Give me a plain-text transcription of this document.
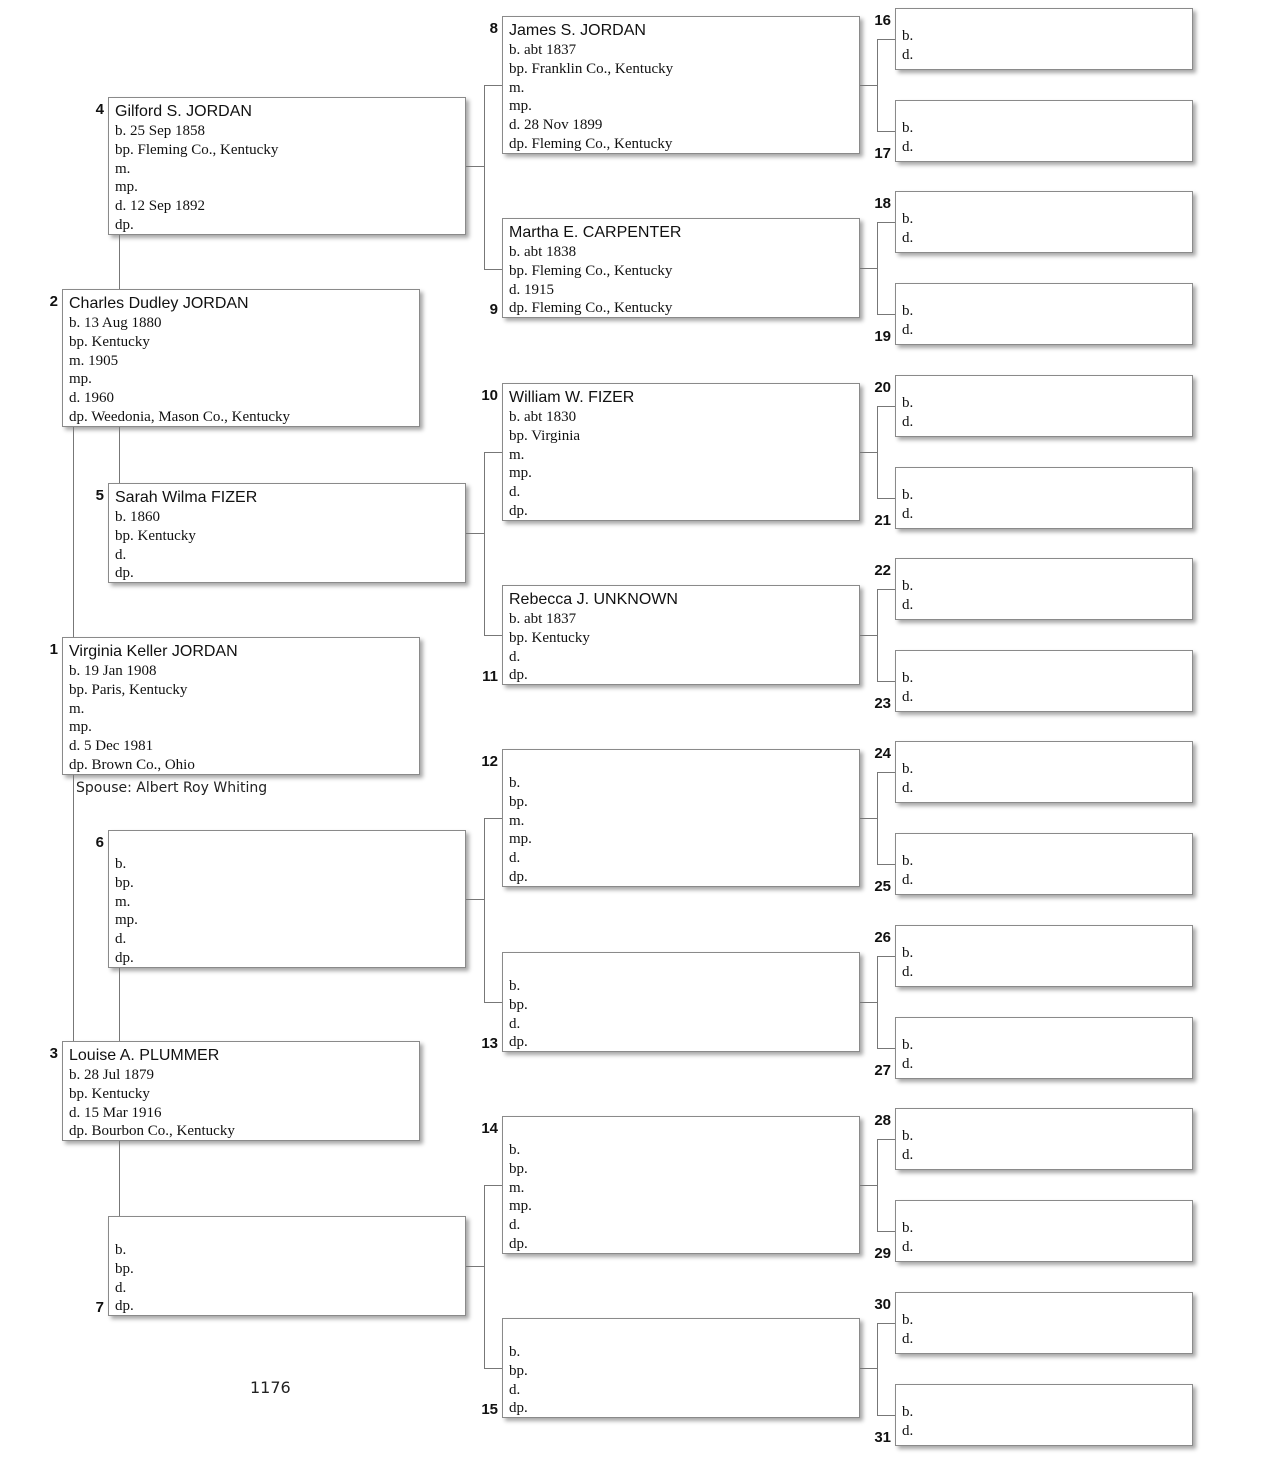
Virginia Keller JORDAN
b. 19 Jan 1908
bp. Paris, Kentucky
m.
mp.
d. 5 Dec 1981
dp. Brown Co., Ohio
1
Charles Dudley JORDAN
b. 13 Aug 1880
bp. Kentucky
m. 1905
mp.
d. 1960
dp. Weedonia, Mason Co., Kentucky
2
Louise A. PLUMMER
b. 28 Jul 1879
bp. Kentucky
d. 15 Mar 1916
dp. Bourbon Co., Kentucky
3
Gilford S. JORDAN
b. 25 Sep 1858
bp. Fleming Co., Kentucky
m.
mp.
d. 12 Sep 1892
dp.
4
Sarah Wilma FIZER
b. 1860
bp. Kentucky
d.
dp.
5
b.
bp.
m.
mp.
d.
dp.
6
b.
bp.
d.
dp.
7
James S. JORDAN
b. abt 1837
bp. Franklin Co., Kentucky
m.
mp.
d. 28 Nov 1899
dp. Fleming Co., Kentucky
8
Martha E. CARPENTER
b. abt 1838
bp. Fleming Co., Kentucky
d. 1915
dp. Fleming Co., Kentucky
9
William W. FIZER
b. abt 1830
bp. Virginia
m.
mp.
d.
dp.
10
Rebecca J. UNKNOWN
b. abt 1837
bp. Kentucky
d.
dp.
11
b.
bp.
m.
mp.
d.
dp.
12
b.
bp.
d.
dp.
13
b.
bp.
m.
mp.
d.
dp.
14
b.
bp.
d.
dp.
15
b.
d.
16
b.
d.
17
b.
d.
18
b.
d.
19
b.
d.
20
b.
d.
21
b.
d.
22
b.
d.
23
b.
d.
24
b.
d.
25
b.
d.
26
b.
d.
27
b.
d.
28
b.
d.
29
b.
d.
30
b.
d.
31
Spouse: Albert Roy Whiting
1176
